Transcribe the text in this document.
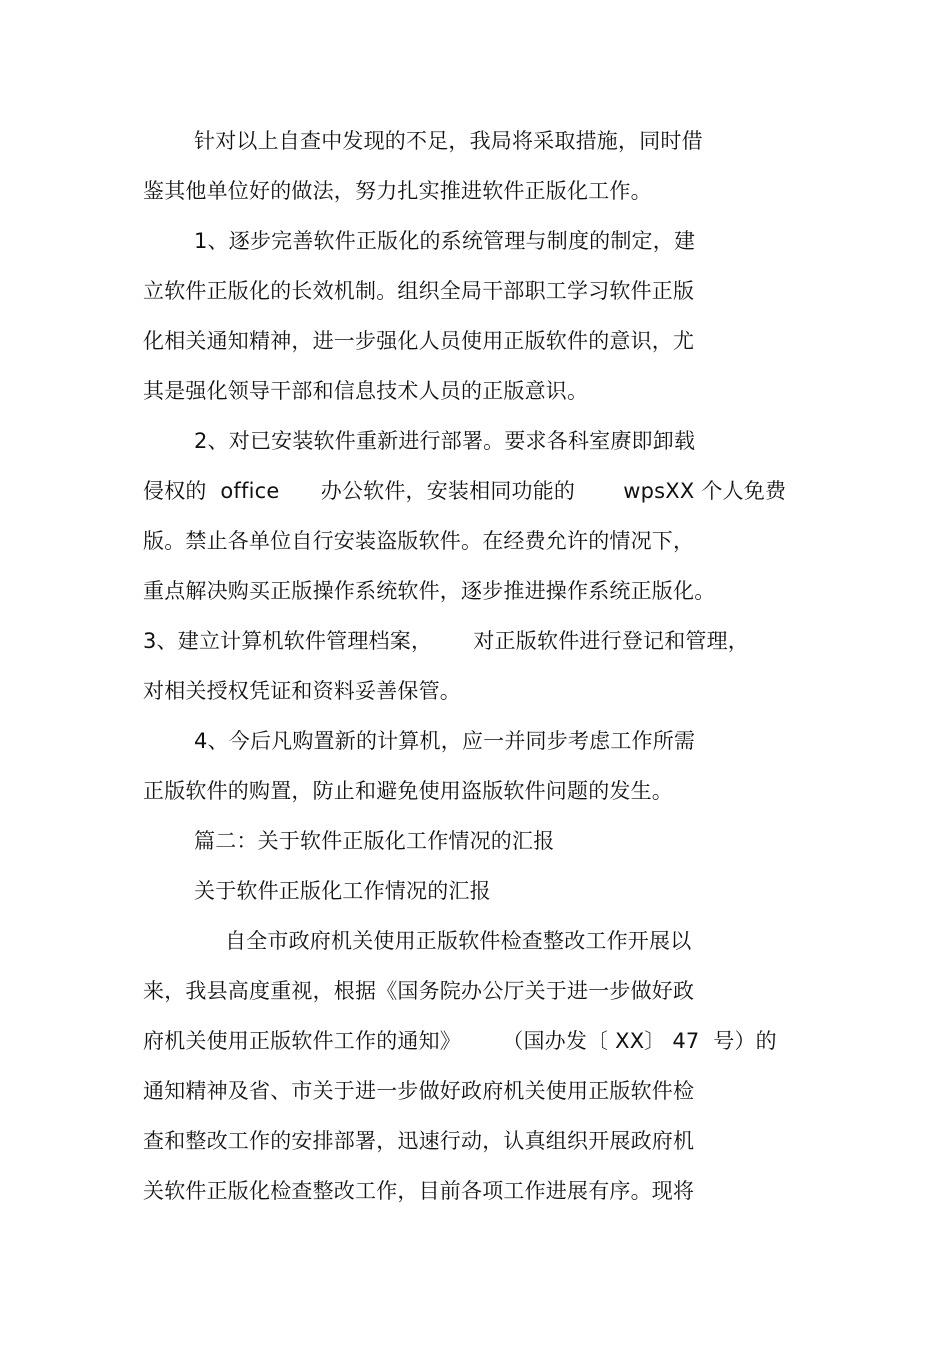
针对以上自查中发现的不足，我局将采取措施，同时借
鉴其他单位好的做法，努力扎实推进软件正版化工作。
1、逐步完善软件正版化的系统管理与制度的制定，建
立软件正版化的长效机制。组织全局干部职工学习软件正版
化相关通知精神，进一步强化人员使用正版软件的意识，尤
其是强化领导干部和信息技术人员的正版意识。
2、对已安装软件重新进行部署。要求各科室赓即卸载
侵权的  office      办公软件，安装相同功能的       wpsXX 个人免费
版。禁止各单位自行安装盗版软件。在经费允许的情况下，
重点解决购买正版操作系统软件，逐步推进操作系统正版化。
3、建立计算机软件管理档案，      对正版软件进行登记和管理，
对相关授权凭证和资料妥善保管。
4、今后凡购置新的计算机，应一并同步考虑工作所需
正版软件的购置，防止和避免使用盗版软件问题的发生。
篇二：关于软件正版化工作情况的汇报
关于软件正版化工作情况的汇报
自全市政府机关使用正版软件检查整改工作开展以
来，我县高度重视，根据《国务院办公厅关于进一步做好政
府机关使用正版软件工作的通知》      （国办发〔 XX〕 47  号）的
通知精神及省、市关于进一步做好政府机关使用正版软件检
查和整改工作的安排部署，迅速行动，认真组织开展政府机
关软件正版化检查整改工作，目前各项工作进展有序。现将
